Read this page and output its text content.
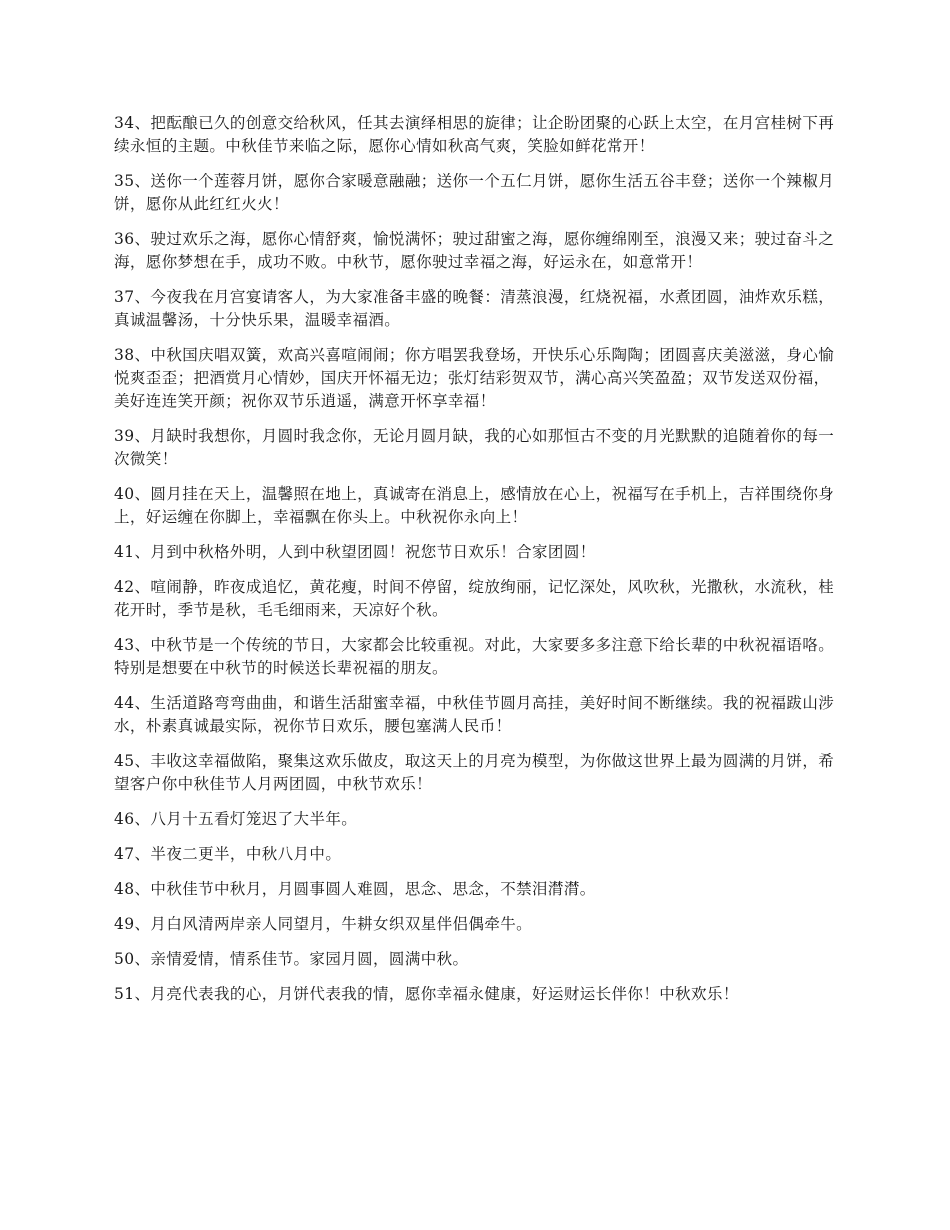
34、把酝酿已久的创意交给秋风，任其去演绎相思的旋律；让企盼团聚的心跃上太空，在月宫桂树下再续永恒的主题。中秋佳节来临之际，愿你心情如秋高气爽，笑脸如鲜花常开！

35、送你一个莲蓉月饼，愿你合家暖意融融；送你一个五仁月饼，愿你生活五谷丰登；送你一个辣椒月饼，愿你从此红红火火！

36、驶过欢乐之海，愿你心情舒爽，愉悦满怀；驶过甜蜜之海，愿你缠绵刚至，浪漫又来；驶过奋斗之海，愿你梦想在手，成功不败。中秋节，愿你驶过幸福之海，好运永在，如意常开！

37、今夜我在月宫宴请客人，为大家准备丰盛的晚餐：清蒸浪漫，红烧祝福，水煮团圆，油炸欢乐糕，真诚温馨汤，十分快乐果，温暖幸福酒。

38、中秋国庆唱双簧，欢高兴喜喧闹闹；你方唱罢我登场，开快乐心乐陶陶；团圆喜庆美滋滋，身心愉悦爽歪歪；把酒赏月心情妙，国庆开怀福无边；张灯结彩贺双节，满心高兴笑盈盈；双节发送双份福，美好连连笑开颜；祝你双节乐逍遥，满意开怀享幸福！

39、月缺时我想你，月圆时我念你，无论月圆月缺，我的心如那恒古不变的月光默默的追随着你的每一次微笑！

40、圆月挂在天上，温馨照在地上，真诚寄在消息上，感情放在心上，祝福写在手机上，吉祥围绕你身上，好运缠在你脚上，幸福飘在你头上。中秋祝你永向上！

41、月到中秋格外明，人到中秋望团圆！祝您节日欢乐！合家团圆！

42、喧闹静，昨夜成追忆，黄花瘦，时间不停留，绽放绚丽，记忆深处，风吹秋，光撒秋，水流秋，桂花开时，季节是秋，毛毛细雨来，天凉好个秋。

43、中秋节是一个传统的节日，大家都会比较重视。对此，大家要多多注意下给长辈的中秋祝福语咯。特别是想要在中秋节的时候送长辈祝福的朋友。

44、生活道路弯弯曲曲，和谐生活甜蜜幸福，中秋佳节圆月高挂，美好时间不断继续。我的祝福跋山涉水，朴素真诚最实际，祝你节日欢乐，腰包塞满人民币！

45、丰收这幸福做陷，聚集这欢乐做皮，取这天上的月亮为模型，为你做这世界上最为圆满的月饼，希望客户你中秋佳节人月两团圆，中秋节欢乐！

46、八月十五看灯笼迟了大半年。

47、半夜二更半，中秋八月中。

48、中秋佳节中秋月，月圆事圆人难圆，思念、思念，不禁泪潸潸。

49、月白风清两岸亲人同望月，牛耕女织双星伴侣偶牵牛。

50、亲情爱情，情系佳节。家园月圆，圆满中秋。

51、月亮代表我的心，月饼代表我的情，愿你幸福永健康，好运财运长伴你！中秋欢乐！
